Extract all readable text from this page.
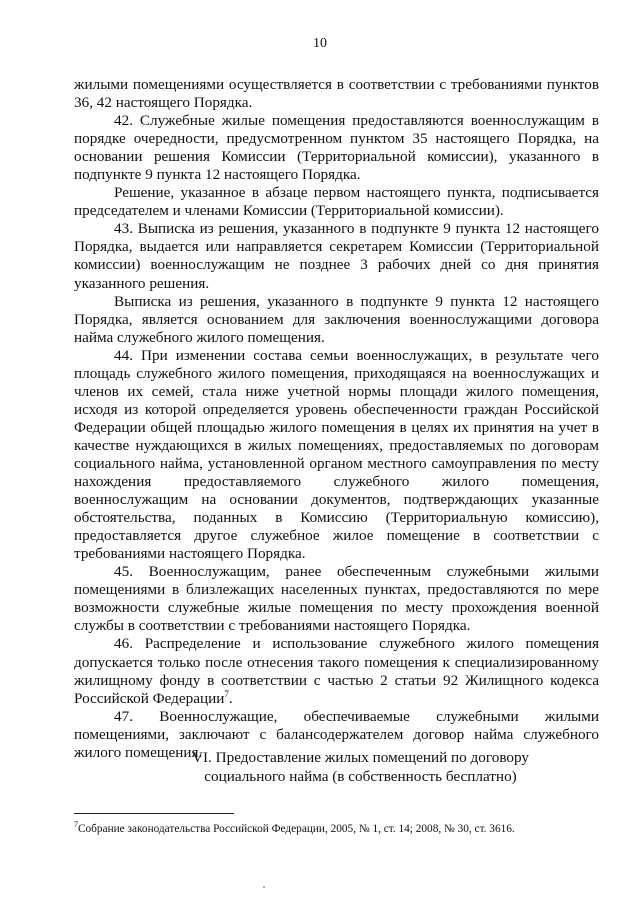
10

жилыми помещениями осуществляется в соответствии с требованиями пунктов 36, 42 настоящего Порядка.

42. Служебные жилые помещения предоставляются военнослужащим в порядке очередности, предусмотренном пунктом 35 настоящего Порядка, на основании решения Комиссии (Территориальной комиссии), указанного в подпункте 9 пункта 12 настоящего Порядка.

Решение, указанное в абзаце первом настоящего пункта, подписывается председателем и членами Комиссии (Территориальной комиссии).

43. Выписка из решения, указанного в подпункте 9 пункта 12 настоящего Порядка, выдается или направляется секретарем Комиссии (Территориальной комиссии) военнослужащим не позднее 3 рабочих дней со дня принятия указанного решения.

Выписка из решения, указанного в подпункте 9 пункта 12 настоящего Порядка, является основанием для заключения военнослужащими договора найма служебного жилого помещения.

44. При изменении состава семьи военнослужащих, в результате чего площадь служебного жилого помещения, приходящаяся на военнослужащих и членов их семей, стала ниже учетной нормы площади жилого помещения, исходя из которой определяется уровень обеспеченности граждан Российской Федерации общей площадью жилого помещения в целях их принятия на учет в качестве нуждающихся в жилых помещениях, предоставляемых по договорам социального найма, установленной органом местного самоуправления по месту нахождения предоставляемого служебного жилого помещения, военнослужащим на основании документов, подтверждающих указанные обстоятельства, поданных в Комиссию (Территориальную комиссию), предоставляется другое служебное жилое помещение в соответствии с требованиями настоящего Порядка.

45. Военнослужащим, ранее обеспеченным служебными жилыми помещениями в близлежащих населенных пунктах, предоставляются по мере возможности служебные жилые помещения по месту прохождения военной службы в соответствии с требованиями настоящего Порядка.

46. Распределение и использование служебного жилого помещения допускается только после отнесения такого помещения к специализированному жилищному фонду в соответствии с частью 2 статьи 92 Жилищного кодекса Российской Федерации$^7$.

47. Военнослужащие, обеспечиваемые служебными жилыми помещениями, заключают с балансодержателем договор найма служебного жилого помещения.

VI. Предоставление жилых помещений по договору
социального найма (в собственность бесплатно)
$^7$Собрание законодательства Российской Федерации, 2005, № 1, ст. 14; 2008, № 30, ст. 3616.
